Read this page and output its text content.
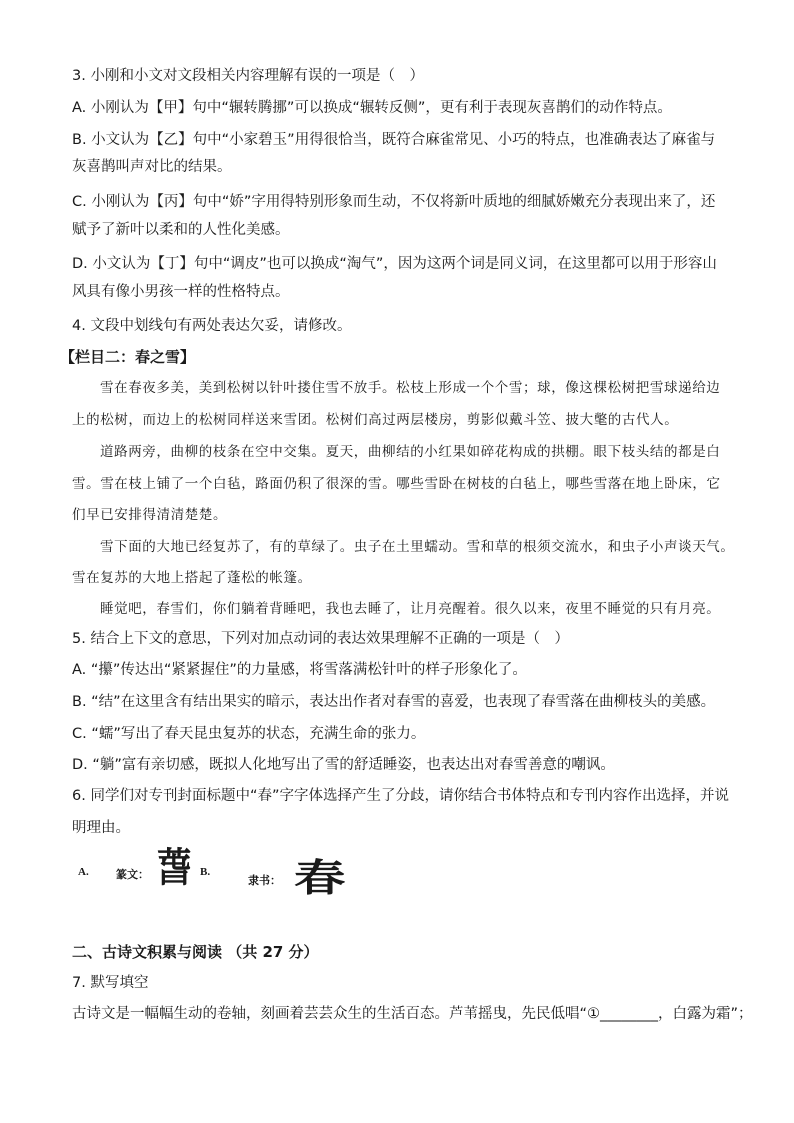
3. 小刚和小文对文段相关内容理解有误的一项是（　）
A. 小刚认为【甲】句中“辗转腾挪”可以换成“辗转反侧”，更有利于表现灰喜鹊们的动作特点。
B. 小文认为【乙】句中“小家碧玉”用得很恰当，既符合麻雀常见、小巧的特点，也准确表达了麻雀与
灰喜鹊叫声对比的结果。
C. 小刚认为【丙】句中“娇”字用得特别形象而生动，不仅将新叶质地的细腻娇嫩充分表现出来了，还
赋予了新叶以柔和的人性化美感。
D. 小文认为【丁】句中“调皮”也可以换成“淘气”，因为这两个词是同义词，在这里都可以用于形容山
风具有像小男孩一样的性格特点。
4. 文段中划线句有两处表达欠妥，请修改。
【栏目二：春之雪】
雪在春夜多美，美到松树以针叶搂住雪不放手。松枝上形成一个个雪；球，像这棵松树把雪球递给边
上的松树，而边上的松树同样送来雪团。松树们高过两层楼房，剪影似戴斗笠、披大氅的古代人。
道路两旁，曲柳的枝条在空中交集。夏天，曲柳结的小红果如碎花构成的拱棚。眼下枝头结的都是白
雪。雪在枝上铺了一个白毡，路面仍积了很深的雪。哪些雪卧在树枝的白毡上，哪些雪落在地上卧床，它
们早已安排得清清楚楚。
雪下面的大地已经复苏了，有的草绿了。虫子在土里蠕动。雪和草的根须交流水，和虫子小声谈天气。
雪在复苏的大地上搭起了蓬松的帐篷。
睡觉吧，春雪们，你们躺着背睡吧，我也去睡了，让月亮醒着。很久以来，夜里不睡觉的只有月亮。
5. 结合上下文的意思，下列对加点动词的表达效果理解不正确的一项是（　）
A. “攥”传达出“紧紧握住”的力量感，将雪落满松针叶的样子形象化了。
B. “结”在这里含有结出果实的暗示，表达出作者对春雪的喜爱，也表现了春雪落在曲柳枝头的美感。
C. “蠕”写出了春天昆虫复苏的状态，充满生命的张力。
D. “躺”富有亲切感，既拟人化地写出了雪的舒适睡姿，也表达出对春雪善意的嘲讽。
6. 同学们对专刊封面标题中“春”字字体选择产生了分歧，请你结合书体特点和专刊内容作出选择，并说
明理由。
A. 篆文： 萅 B.
隶书： 春
二、古诗文积累与阅读 （共 27 分）
7. 默写填空
古诗文是一幅幅生动的卷轴，刻画着芸芸众生的生活百态。芦苇摇曳，先民低唱“①________，白露为霜”；
